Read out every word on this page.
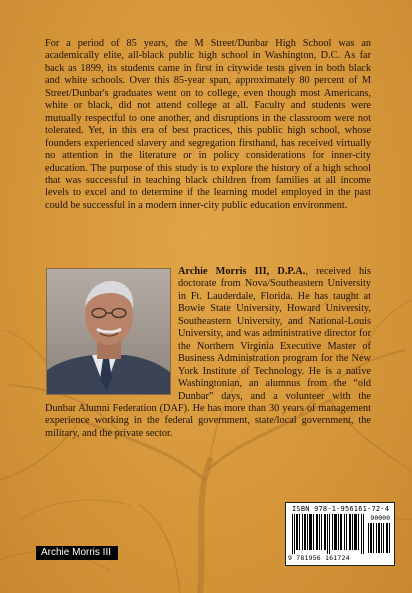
For a period of 85 years, the M Street/Dunbar High School was an academically elite, all-black public high school in Washington, D.C. As far back as 1899, its students came in first in citywide tests given in both black and white schools. Over this 85-year span, approximately 80 percent of M Street/Dunbar's graduates went on to college, even though most Americans, white or black, did not attend college at all. Faculty and students were mutually respectful to one another, and disruptions in the classroom were not tolerated. Yet, in this era of best practices, this public high school, whose founders experienced slavery and segregation firsthand, has received virtually no attention in the literature or in policy considerations for inner-city education. The purpose of this study is to explore the history of a high school that was successful in teaching black children from families at all income levels to excel and to determine if the learning model employed in the past could be successful in a modern inner-city public education environment.

Archie Morris III, D.P.A., received his doctorate from Nova/Southeastern University in Ft. Lauderdale, Florida. He has taught at Bowie State University, Howard University, Southeastern University, and National-Louis University, and was administrative director for the Northern Virginia Executive Master of Business Administration program for the New York Institute of Technology. He is a native Washingtonian, an alumnus from the “old Dunbar” days, and a volunteer with the Dunbar Alumni Federation (DAF). He has more than 30 years of management experience working in the federal government, state/local government, the military, and the private sector.

ISBN 978-1-956161-72-4
90000
9 781956 161724
Archie Morris III
